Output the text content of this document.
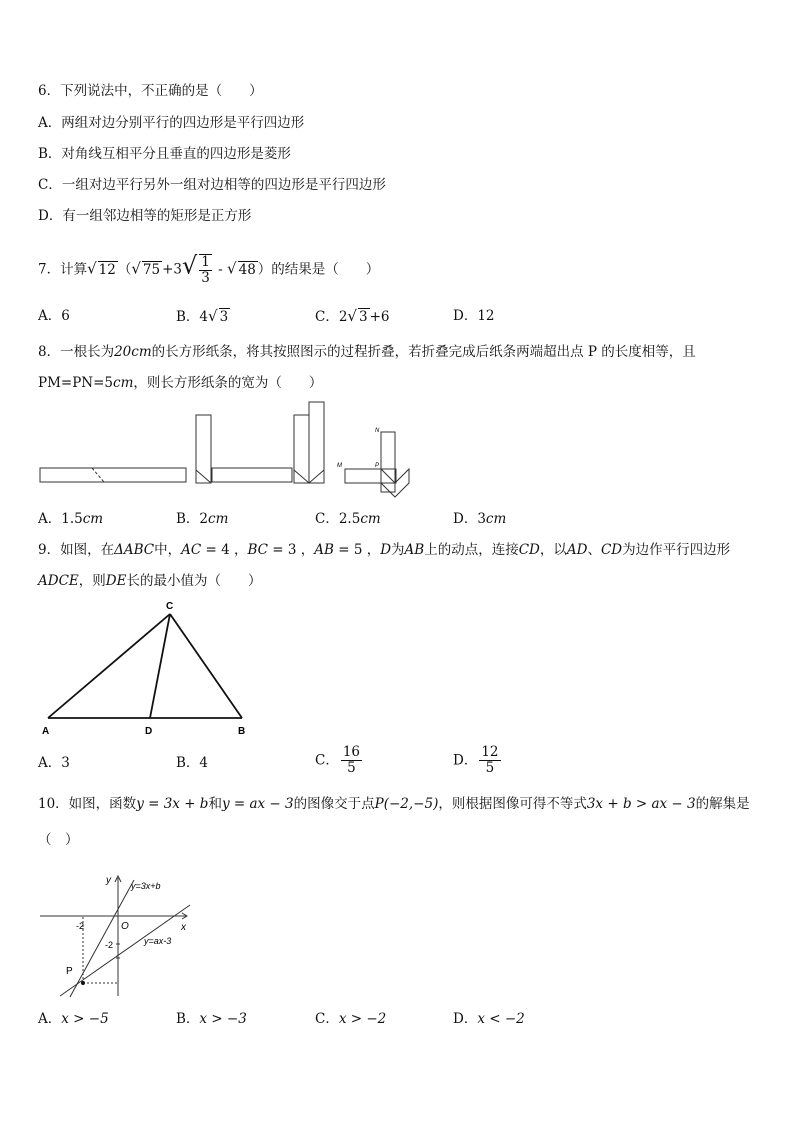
6．下列说法中，不正确的是（　　）
A．两组对边分别平行的四边形是平行四边形
B．对角线互相平分且垂直的四边形是菱形
C．一组对边平行另外一组对边相等的四边形是平行四边形
D．有一组邻边相等的矩形是正方形
7．计算√ 12 （√ $75 +3√ \frac{1}{3}$ - √ 48 ）的结果是（　　）
A．6	B．4√ 3	C．2√ 3 +6	D．12
8．一根长为20cm的长方形纸条，将其按照图示的过程折叠，若折叠完成后纸条两端超出点 P 的长度相等，且
PM=PN=5cm，则长方形纸条的宽为（　　）
N
M	P
A．1.5cm	B．2cm	C．2.5cm	D．3cm
9．如图，在ΔABC中，AC = 4 ，BC = 3 ，AB = 5 ，D为AB上的动点，连接CD，以AD、CD为边作平行四边形
ADCE，则DE长的最小值为（　　）
C
A	D	B
A．3	B．4	C． $\frac{16}{5}$	D． $\frac{12}{5}$
10．如图，函数y = 3x + b和y = ax − 3的图像交于点P(−2,−5)，则根据图像可得不等式3x + b > ax − 3的解集是
（　）
y
x
O
-2
-2
P
y=3x+b
y=ax-3
A．x > −5	B．x > −3	C．x > −2	D．x < −2
